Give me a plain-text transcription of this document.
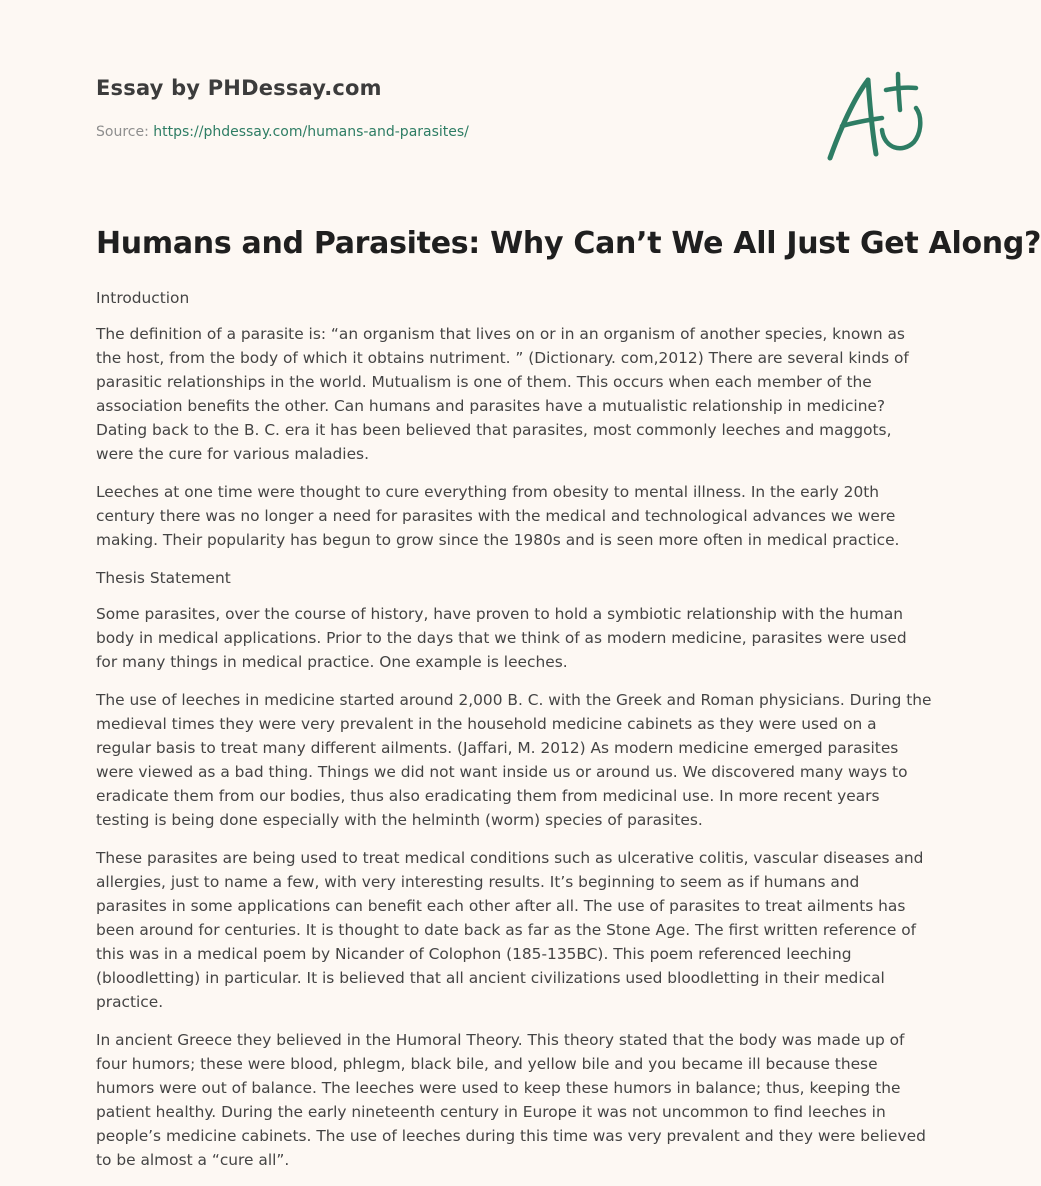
Essay by PHDessay.com
Source: https://phdessay.com/humans-and-parasites/
Humans and Parasites: Why Can’t We All Just Get Along?

Introduction

The definition of a parasite is: “an organism that lives on or in an organism of another species, known as the host, from the body of which it obtains nutriment. ” (Dictionary. com,2012) There are several kinds of parasitic relationships in the world. Mutualism is one of them. This occurs when each member of the association benefits the other. Can humans and parasites have a mutualistic relationship in medicine? Dating back to the B. C. era it has been believed that parasites, most commonly leeches and maggots, were the cure for various maladies.

Leeches at one time were thought to cure everything from obesity to mental illness. In the early 20th century there was no longer a need for parasites with the medical and technological advances we were making. Their popularity has begun to grow since the 1980s and is seen more often in medical practice.

Thesis Statement

Some parasites, over the course of history, have proven to hold a symbiotic relationship with the human body in medical applications. Prior to the days that we think of as modern medicine, parasites were used for many things in medical practice. One example is leeches.

The use of leeches in medicine started around 2,000 B. C. with the Greek and Roman physicians. During the medieval times they were very prevalent in the household medicine cabinets as they were used on a regular basis to treat many different ailments. (Jaffari, M. 2012) As modern medicine emerged parasites were viewed as a bad thing. Things we did not want inside us or around us. We discovered many ways to eradicate them from our bodies, thus also eradicating them from medicinal use. In more recent years testing is being done especially with the helminth (worm) species of parasites.

These parasites are being used to treat medical conditions such as ulcerative colitis, vascular diseases and allergies, just to name a few, with very interesting results. It’s beginning to seem as if humans and parasites in some applications can benefit each other after all. The use of parasites to treat ailments has been around for centuries. It is thought to date back as far as the Stone Age. The first written reference of this was in a medical poem by Nicander of Colophon (185-135BC). This poem referenced leeching (bloodletting) in particular. It is believed that all ancient civilizations used bloodletting in their medical practice.

In ancient Greece they believed in the Humoral Theory. This theory stated that the body was made up of four humors; these were blood, phlegm, black bile, and yellow bile and you became ill because these humors were out of balance. The leeches were used to keep these humors in balance; thus, keeping the patient healthy. During the early nineteenth century in Europe it was not uncommon to find leeches in people’s medicine cabinets. The use of leeches during this time was very prevalent and they were believed to be almost a “cure all”.
